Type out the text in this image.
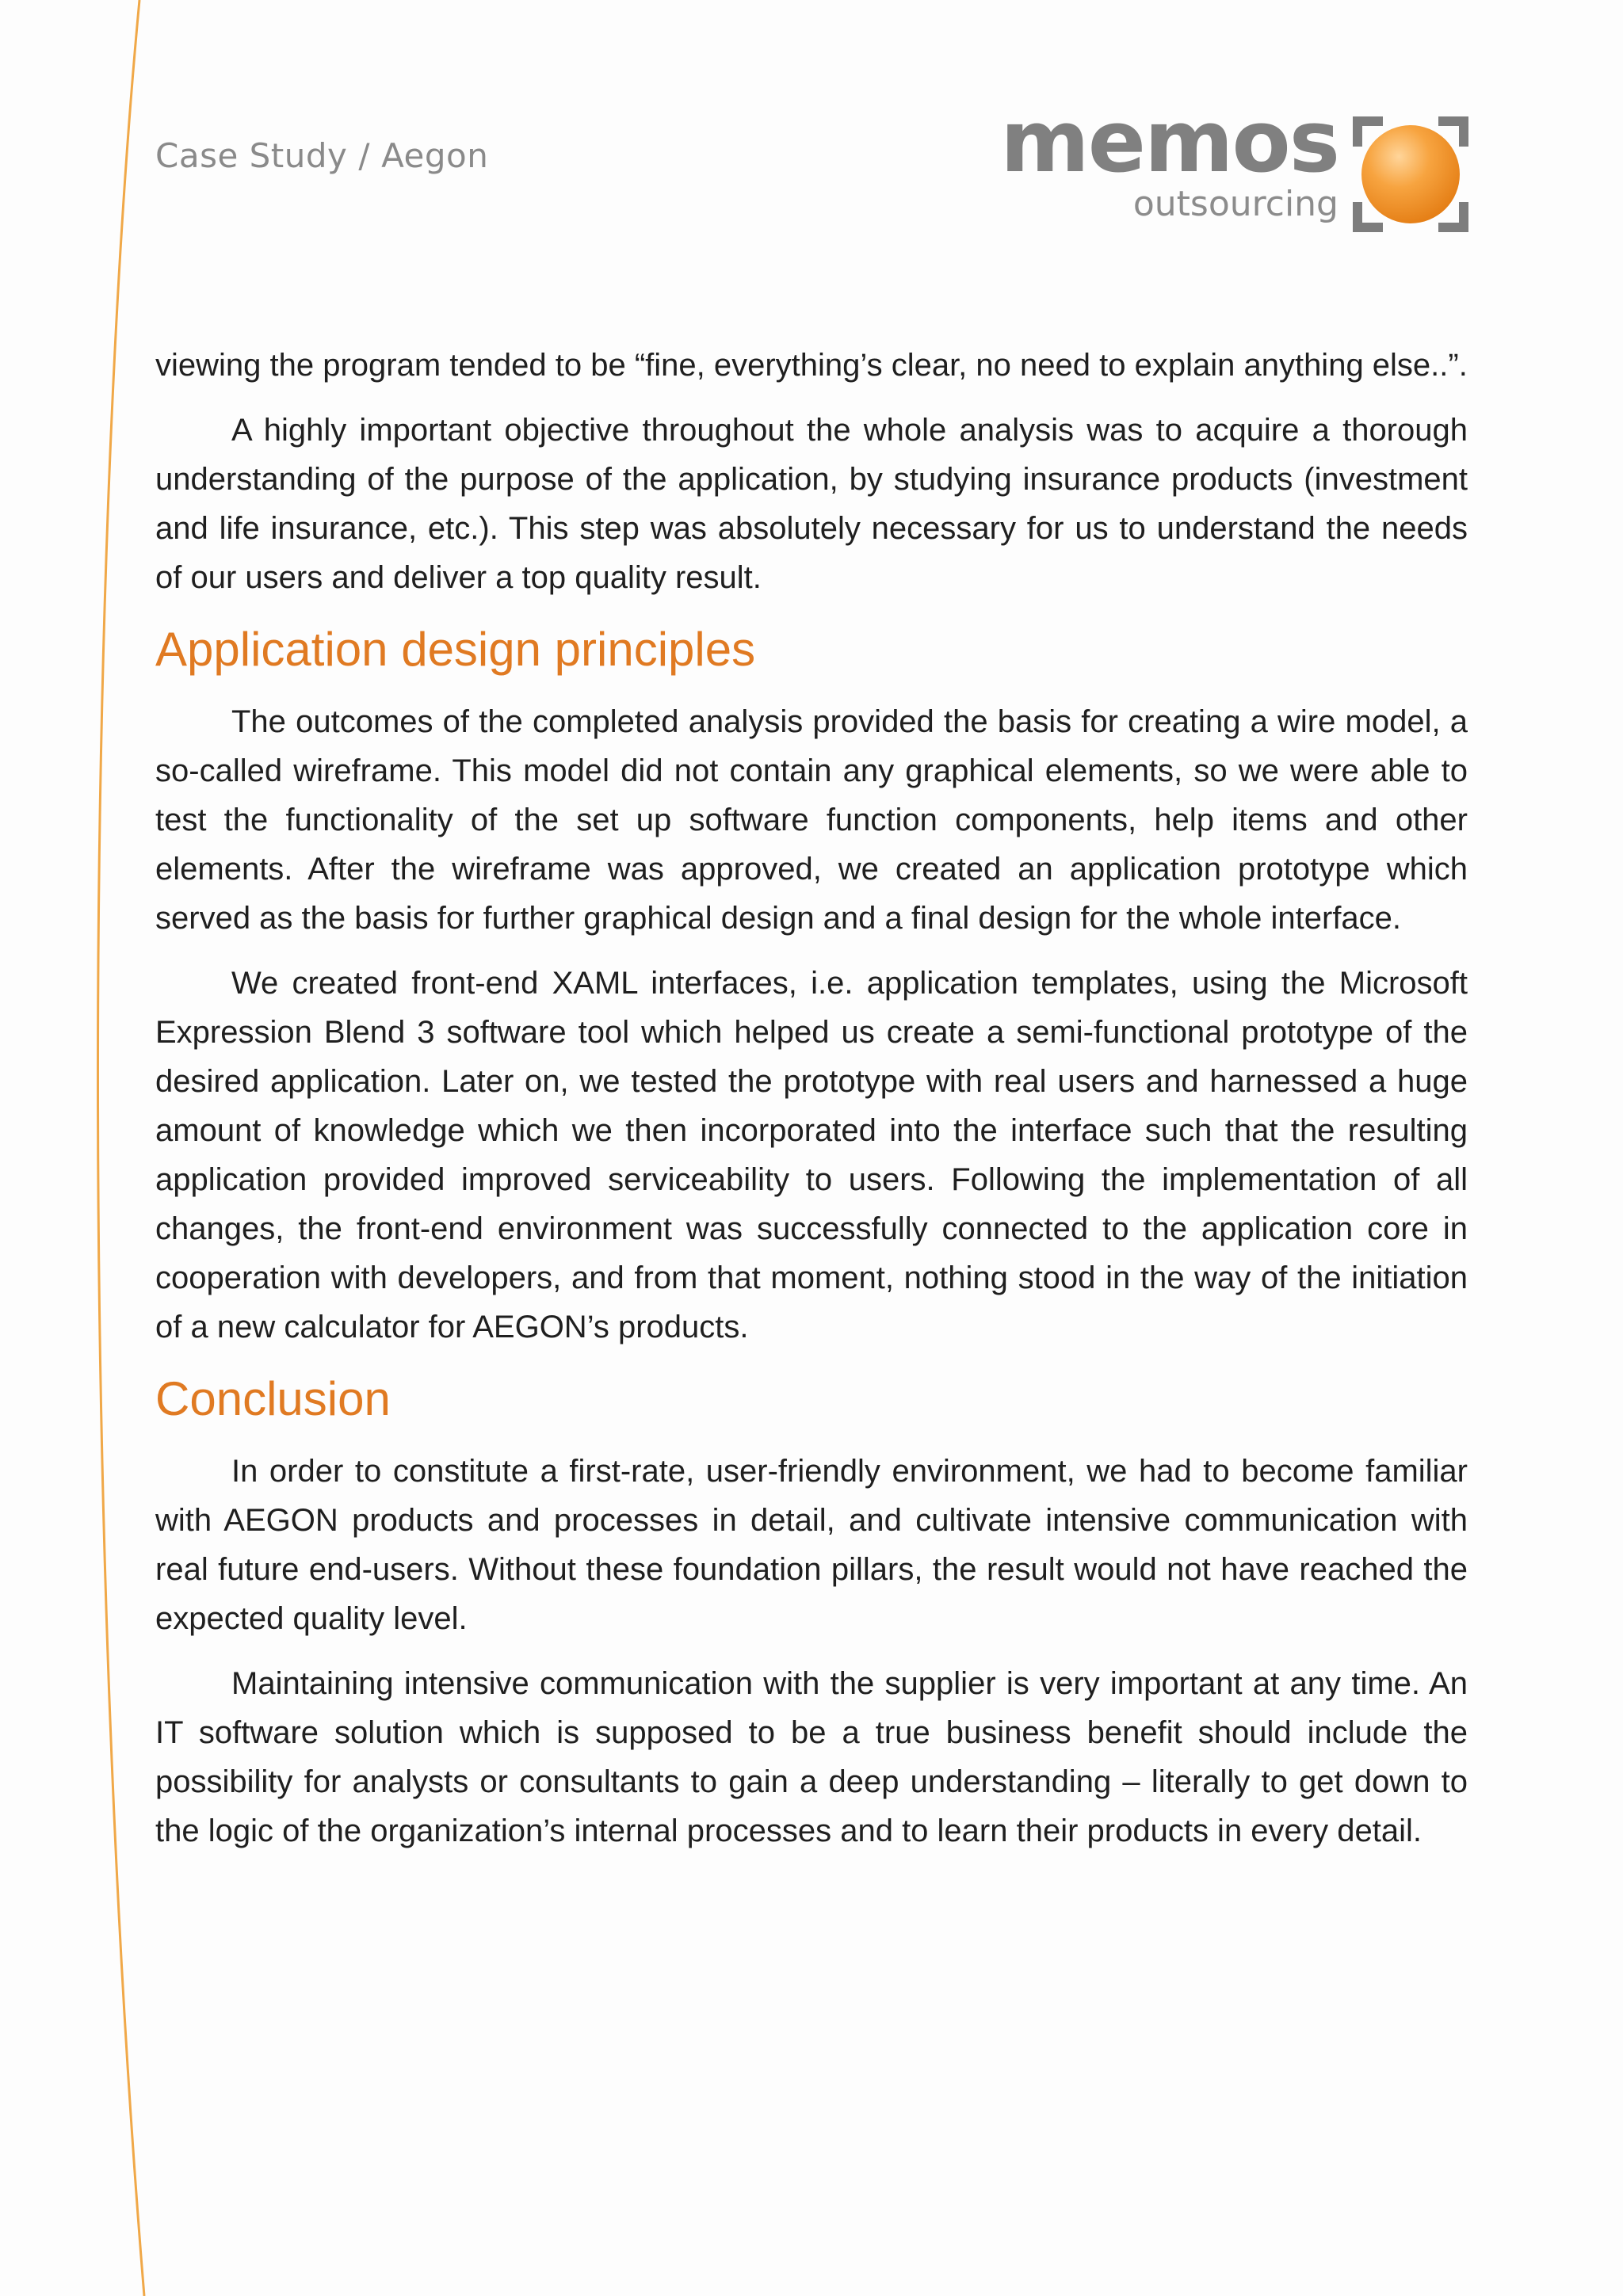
Case Study / Aegon	memos
outsourcing

viewing the program tended to be “fine, everything’s clear, no need to explain anything else..”.

A highly important objective throughout the whole analysis was to acquire a thorough understanding of the purpose of the application, by studying insurance products (investment and life insurance, etc.). This step was absolutely necessary for us to understand the needs of our users and deliver a top quality result.

Application design principles

The outcomes of the completed analysis provided the basis for creating a wire model, a so-called wireframe. This model did not contain any graphical elements, so we were able to test the functionality of the set up software function components, help items and other elements. After the wireframe was approved, we created an application prototype which served as the basis for further graphical design and a final design for the whole interface.

We created front-end XAML interfaces, i.e. application templates, using the Microsoft Expression Blend 3 software tool which helped us create a semi-functional prototype of the desired application. Later on, we tested the prototype with real users and harnessed a huge amount of knowledge which we then incorporated into the interface such that the resulting application provided improved serviceability to users. Following the implementation of all changes, the front-end environment was successfully connected to the application core in cooperation with developers, and from that moment, nothing stood in the way of the initiation of a new calculator for AEGON’s products.

Conclusion

In order to constitute a first-rate, user-friendly environment, we had to become familiar with AEGON products and processes in detail, and cultivate intensive communication with real future end-users. Without these foundation pillars, the result would not have reached the expected quality level.

Maintaining intensive communication with the supplier is very important at any time. An IT software solution which is supposed to be a true business benefit should include the possibility for analysts or consultants to gain a deep understanding – literally to get down to the logic of the organization’s internal processes and to learn their products in every detail.
